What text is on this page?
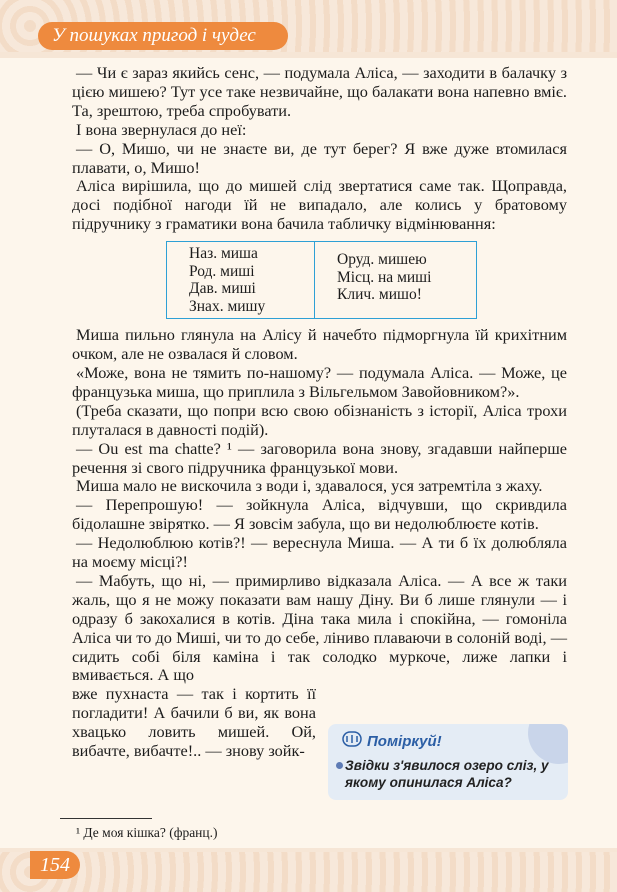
У пошуках пригод і чудес

— Чи є зараз якийсь сенс, — подумала Аліса, — заходити в балачку з цією мишею? Тут усе таке незвичайне, що балакати вона напевно вміє. Та, зрештою, треба спробувати.

І вона звернулася до неї:

— О, Мишо, чи не знаєте ви, де тут берег? Я вже дуже втомилася плавати, о, Мишо!

Аліса вирішила, що до мишей слід звертатися саме так. Щоправда, досі подібної нагоди їй не випадало, але колись у братовому підручнику з граматики вона бачила табличку відмінювання:

Наз. миша
Род. миші
Дав. миші
Знах. мишу
Оруд. мишею
Місц. на миші
Клич. мишо!

Миша пильно глянула на Алісу й начебто підморгнула їй крихітним очком, але не озвалася й словом.

«Може, вона не тямить по-нашому? — подумала Аліса. — Може, це французька миша, що приплила з Вільгельмом Завойовником?».

(Треба сказати, що попри всю свою обізнаність з історії, Аліса трохи плуталася в давності подій).

— Ou est ma chatte? ¹ — заговорила вона знову, згадавши найперше речення зі свого підручника французької мови.

Миша мало не вискочила з води і, здавалося, уся затремтіла з жаху.

— Перепрошую! — зойкнула Аліса, відчувши, що скривдила бідолашне звірятко. — Я зовсім забула, що ви недолюблюєте котів.

— Недолюблюю котів?! — вереснула Миша. — А ти б їх долюбляла на моєму місці?!

— Мабуть, що ні, — примирливо відказала Аліса. — А все ж таки жаль, що я не можу показати вам нашу Діну. Ви б лише глянули — і одразу б закохалися в котів. Діна така мила і спокійна, — гомоніла Аліса чи то до Миші, чи то до себе, ліниво плаваючи в солоній воді, — сидить собі біля каміна і так солодко муркоче, лиже лапки і вмивається. А що

вже пухнаста — так і кортить її погладити! А бачили б ви, як вона хвацько ловить мишей. Ой, вибачте, вибачте!.. — знову зойк-

Поміркуй!
Звідки з'явилося озеро сліз, у якому опинилася Аліса?
¹ Де моя кішка? (франц.)
154
